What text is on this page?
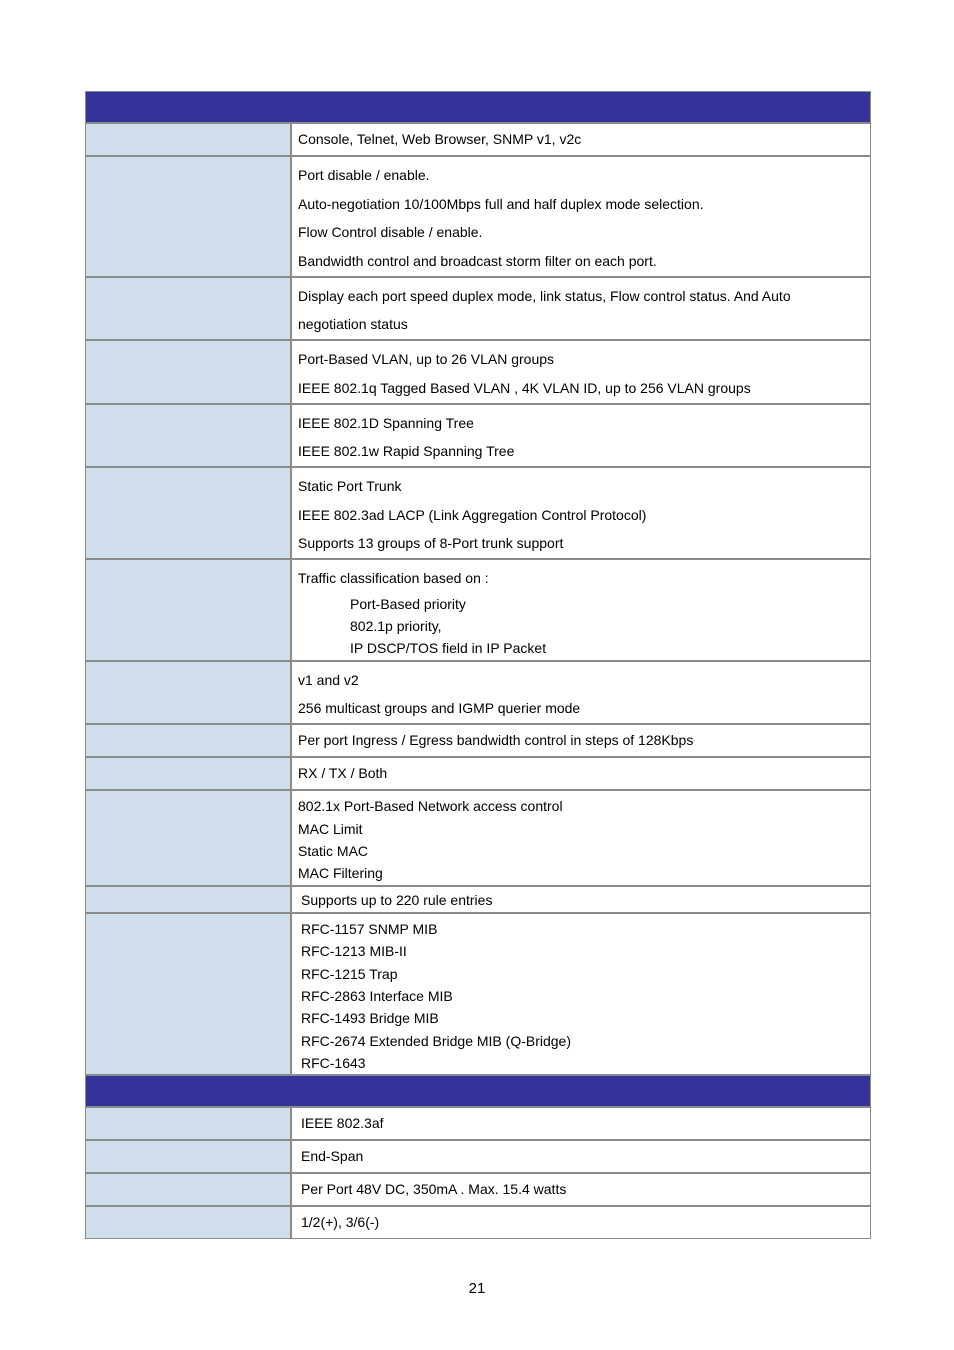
Console, Telnet, Web Browser, SNMP v1, v2c
Port disable / enable.
Auto-negotiation 10/100Mbps full and half duplex mode selection.
Flow Control disable / enable.
Bandwidth control and broadcast storm filter on each port.
Display each port speed duplex mode, link status, Flow control status. And Auto
negotiation status
Port-Based VLAN, up to 26 VLAN groups
IEEE 802.1q Tagged Based VLAN , 4K VLAN ID, up to 256 VLAN groups
IEEE 802.1D Spanning Tree
IEEE 802.1w Rapid Spanning Tree
Static Port Trunk
IEEE 802.3ad LACP (Link Aggregation Control Protocol)
Supports 13 groups of 8-Port trunk support
Traffic classification based on :
Port-Based priority
802.1p priority,
IP DSCP/TOS field in IP Packet
v1 and v2
256 multicast groups and IGMP querier mode
Per port Ingress / Egress bandwidth control in steps of 128Kbps
RX / TX / Both
802.1x Port-Based Network access control
MAC Limit
Static MAC
MAC Filtering
Supports up to 220 rule entries
RFC-1157 SNMP MIB
RFC-1213 MIB-II
RFC-1215 Trap
RFC-2863 Interface MIB
RFC-1493 Bridge MIB
RFC-2674 Extended Bridge MIB (Q-Bridge)
RFC-1643
IEEE 802.3af
End-Span
Per Port 48V DC, 350mA . Max. 15.4 watts
1/2(+), 3/6(-)
21
